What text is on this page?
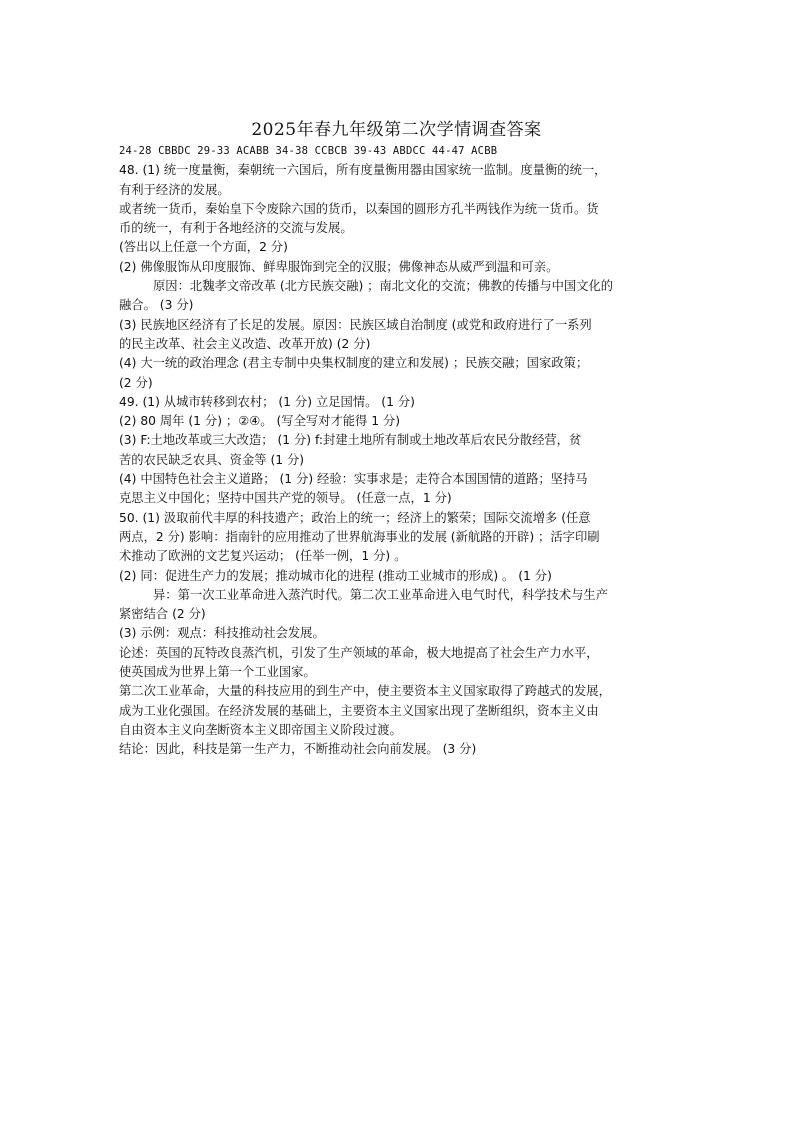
2025年春九年级第二次学情调查答案
24-28 CBBDC 29-33 ACABB 34-38 CCBCB 39-43 ABDCC 44-47 ACBB
48. (1) 统一度量衡，秦朝统一六国后，所有度量衡用器由国家统一监制。度量衡的统一，
有利于经济的发展。
或者统一货币，秦始皇下令废除六国的货币，以秦国的圆形方孔半两钱作为统一货币。货
币的统一，有利于各地经济的交流与发展。
(答出以上任意一个方面，2 分)
(2) 佛像服饰从印度服饰、鲜卑服饰到完全的汉服；佛像神态从威严到温和可亲。
原因：北魏孝文帝改革 (北方民族交融) ；南北文化的交流；佛教的传播与中国文化的
融合。 (3 分)
(3) 民族地区经济有了长足的发展。原因：民族区域自治制度 (或党和政府进行了一系列
的民主改革、社会主义改造、改革开放) (2 分)
(4) 大一统的政治理念 (君主专制中央集权制度的建立和发展) ；民族交融；国家政策；
(2 分)
49. (1) 从城市转移到农村； (1 分) 立足国情。 (1 分)
(2) 80 周年 (1 分) ；②④。 (写全写对才能得 1 分)
(3) F:土地改革或三大改造； (1 分) f:封建土地所有制或土地改革后农民分散经营，贫
苦的农民缺乏农具、资金等 (1 分)
(4) 中国特色社会主义道路； (1 分) 经验：实事求是；走符合本国国情的道路；坚持马
克思主义中国化；坚持中国共产党的领导。 (任意一点，1 分)
50. (1) 汲取前代丰厚的科技遗产；政治上的统一；经济上的繁荣；国际交流增多 (任意
两点，2 分) 影响：指南针的应用推动了世界航海事业的发展 (新航路的开辟) ；活字印刷
术推动了欧洲的文艺复兴运动； (任举一例，1 分) 。
(2) 同：促进生产力的发展；推动城市化的进程 (推动工业城市的形成) 。 (1 分)
异：第一次工业革命进入蒸汽时代。第二次工业革命进入电气时代，科学技术与生产
紧密结合 (2 分)
(3) 示例：观点：科技推动社会发展。
论述：英国的瓦特改良蒸汽机，引发了生产领域的革命，极大地提高了社会生产力水平，
使英国成为世界上第一个工业国家。
第二次工业革命，大量的科技应用的到生产中，使主要资本主义国家取得了跨越式的发展，
成为工业化强国。在经济发展的基础上，主要资本主义国家出现了垄断组织，资本主义由
自由资本主义向垄断资本主义即帝国主义阶段过渡。
结论：因此，科技是第一生产力，不断推动社会向前发展。 (3 分)
